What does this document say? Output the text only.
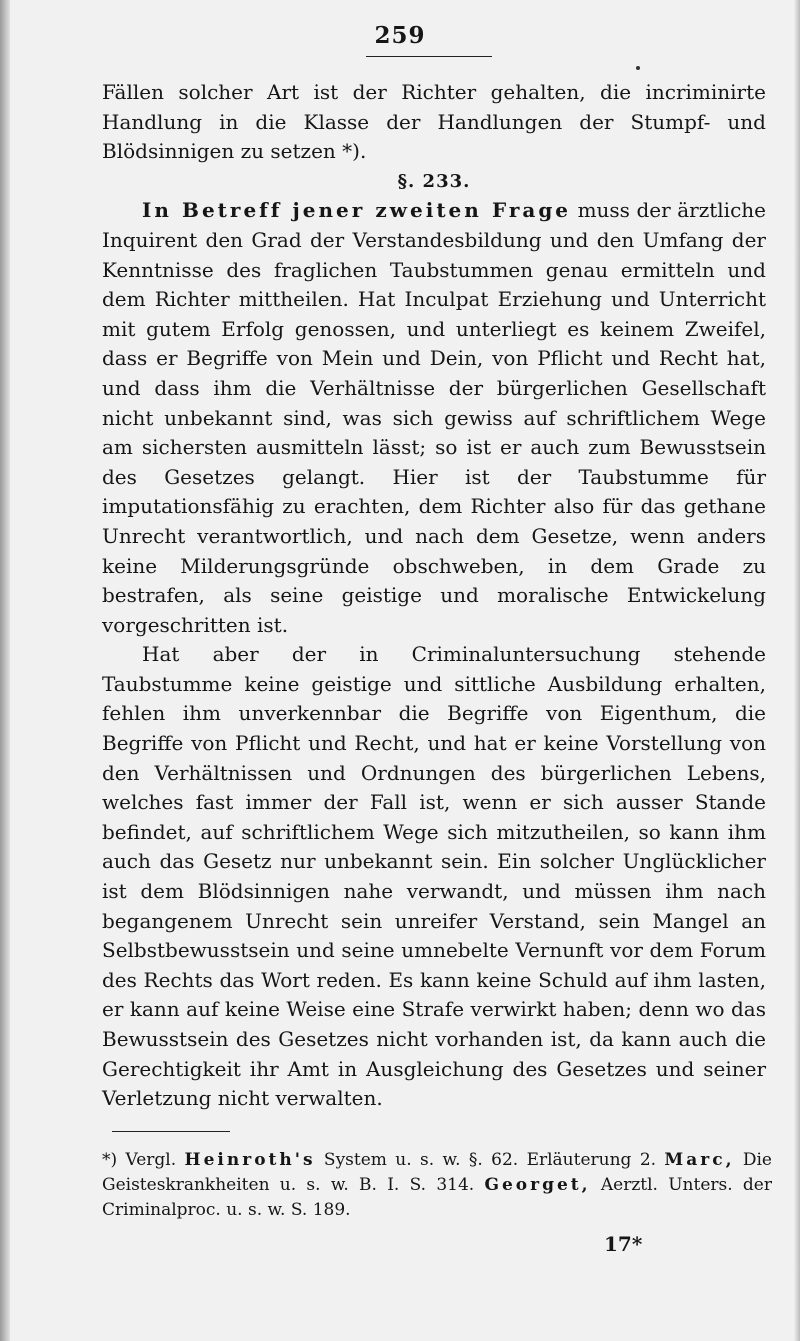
259

Fällen solcher Art ist der Richter gehalten, die incriminirte Handlung in die Klasse der Handlungen der Stumpf- und Blödsinnigen zu setzen *).

§. 233.

In Betreff jener zweiten Frage muss der ärztliche Inquirent den Grad der Verstandesbildung und den Umfang der Kenntnisse des fraglichen Taubstummen genau ermitteln und dem Richter mittheilen. Hat Inculpat Erziehung und Unterricht mit gutem Erfolg genossen, und unterliegt es keinem Zweifel, dass er Begriffe von Mein und Dein, von Pflicht und Recht hat, und dass ihm die Verhältnisse der bürgerlichen Gesellschaft nicht unbekannt sind, was sich gewiss auf schriftlichem Wege am sichersten ausmitteln lässt; so ist er auch zum Bewusstsein des Gesetzes gelangt. Hier ist der Taubstumme für imputationsfähig zu erachten, dem Richter also für das gethane Unrecht verantwortlich, und nach dem Gesetze, wenn anders keine Milderungsgründe obschweben, in dem Grade zu bestrafen, als seine geistige und moralische Entwickelung vorgeschritten ist.

Hat aber der in Criminaluntersuchung stehende Taubstumme keine geistige und sittliche Ausbildung erhalten, fehlen ihm unverkennbar die Begriffe von Eigenthum, die Begriffe von Pflicht und Recht, und hat er keine Vorstellung von den Verhältnissen und Ordnungen des bürgerlichen Lebens, welches fast immer der Fall ist, wenn er sich ausser Stande befindet, auf schriftlichem Wege sich mitzutheilen, so kann ihm auch das Gesetz nur unbekannt sein. Ein solcher Unglücklicher ist dem Blödsinnigen nahe verwandt, und müssen ihm nach begangenem Unrecht sein unreifer Verstand, sein Mangel an Selbstbewusstsein und seine umnebelte Vernunft vor dem Forum des Rechts das Wort reden. Es kann keine Schuld auf ihm lasten, er kann auf keine Weise eine Strafe verwirkt haben; denn wo das Bewusstsein des Gesetzes nicht vorhanden ist, da kann auch die Gerechtigkeit ihr Amt in Ausgleichung des Gesetzes und seiner Verletzung nicht verwalten.

*) Vergl. Heinroth's System u. s. w. §. 62. Erläuterung 2. Marc, Die Geisteskrankheiten u. s. w. B. I. S. 314. Georget, Aerztl. Unters. der Criminalproc. u. s. w. S. 189.

17*
